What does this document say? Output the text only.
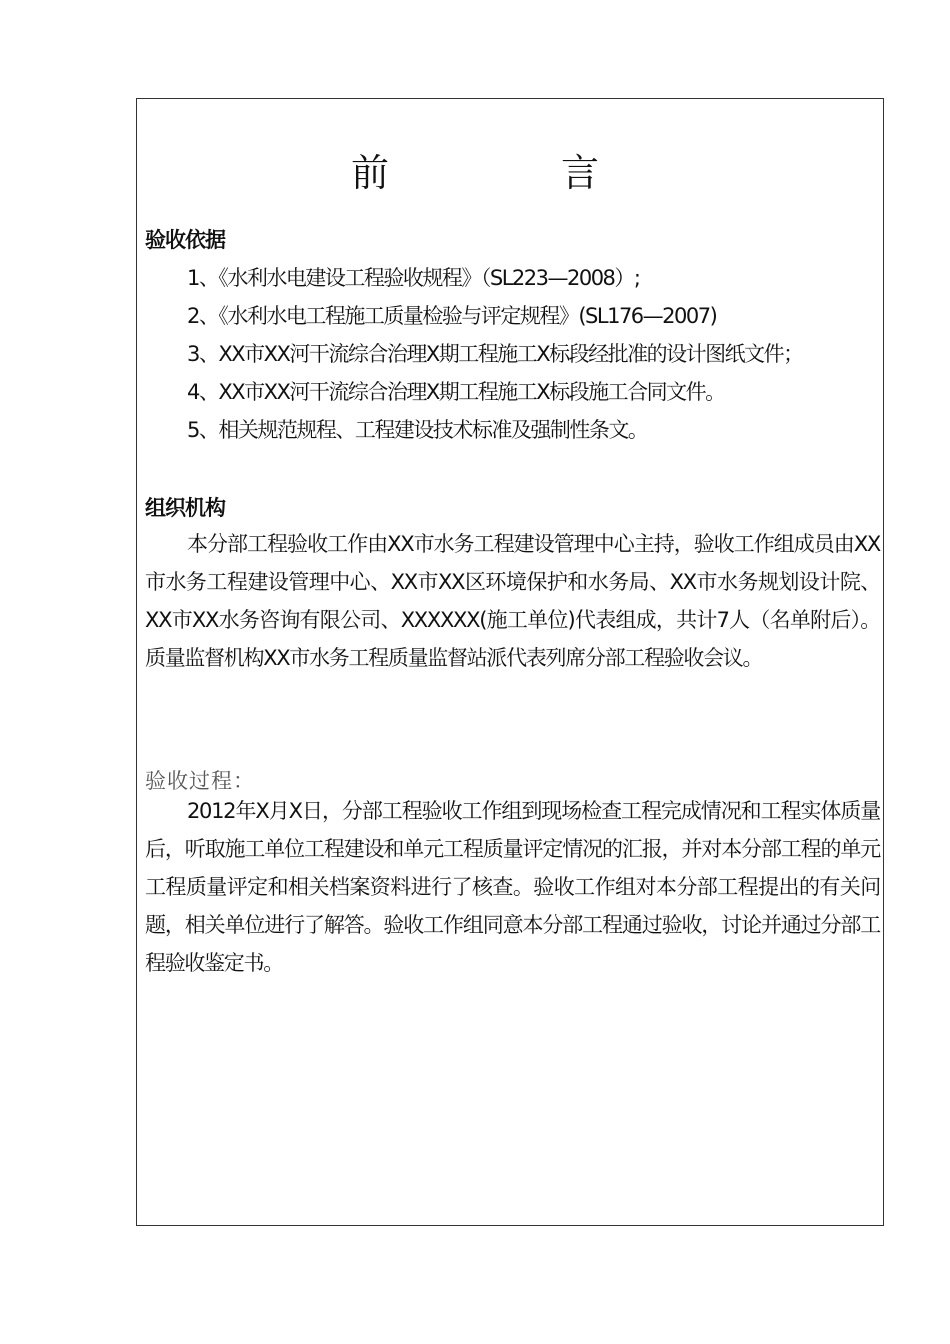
前 言
验收依据
1、《水利水电建设工程验收规程》（SL223—2008）;
2、《水利水电工程施工质量检验与评定规程》(SL176—2007)
3、XX市XX河干流综合治理X期工程施工X标段经批准的设计图纸文件；
4、XX市XX河干流综合治理X期工程施工X标段施工合同文件。
5、相关规范规程、工程建设技术标准及强制性条文。
组织机构
本分部工程验收工作由XX市水务工程建设管理中心主持，验收工作组成员由XX市水务工程建设管理中心、XX市XX区环境保护和水务局、XX市水务规划设计院、XX市XX水务咨询有限公司、XXXXXX(施工单位)代表组成，共计7人（名单附后）。质量监督机构XX市水务工程质量监督站派代表列席分部工程验收会议。
验收过程：
2012年X月X日，分部工程验收工作组到现场检查工程完成情况和工程实体质量后，听取施工单位工程建设和单元工程质量评定情况的汇报，并对本分部工程的单元工程质量评定和相关档案资料进行了核查。验收工作组对本分部工程提出的有关问题，相关单位进行了解答。验收工作组同意本分部工程通过验收，讨论并通过分部工程验收鉴定书。
